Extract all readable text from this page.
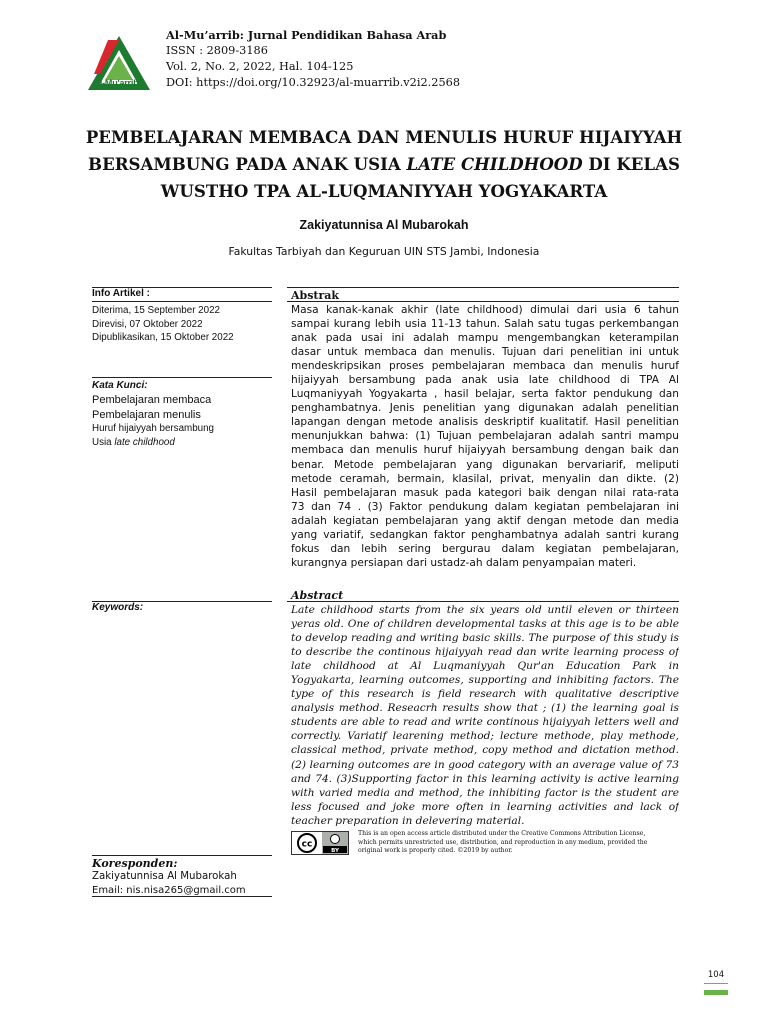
Al-Mu'arrib
Al-Mu’arrib: Jurnal Pendidikan Bahasa Arab
ISSN : 2809-3186
Vol. 2, No. 2, 2022, Hal. 104-125
DOI: https://doi.org/10.32923/al-muarrib.v2i2.2568
PEMBELAJARAN MEMBACA DAN MENULIS HURUF HIJAIYYAH
BERSAMBUNG PADA ANAK USIA LATE CHILDHOOD DI KELAS
WUSTHO TPA AL-LUQMANIYYAH YOGYAKARTA
Zakiyatunnisa Al Mubarokah
Fakultas Tarbiyah dan Keguruan UIN STS Jambi, Indonesia
Info Artikel :
Diterima, 15 September 2022
Direvisi, 07 Oktober 2022
Dipublikasikan, 15 Oktober 2022
Kata Kunci:
Pembelajaran membaca
Pembelajaran menulis
Huruf hijaiyyah bersambung
Usia late childhood
Keywords:
Abstrak
Masa kanak-kanak akhir (late childhood) dimulai dari usia 6 tahun
sampai kurang lebih usia 11-13 tahun. Salah satu tugas perkembangan
anak pada usai ini adalah mampu mengembangkan keterampilan
dasar untuk membaca dan menulis. Tujuan dari penelitian ini untuk
mendeskripsikan proses pembelajaran membaca dan menulis huruf
hijaiyyah bersambung pada anak usia late childhood di TPA Al
Luqmaniyyah Yogyakarta , hasil belajar, serta faktor pendukung dan
penghambatnya. Jenis penelitian yang digunakan adalah penelitian
lapangan dengan metode analisis deskriptif kualitatif. Hasil penelitian
menunjukkan bahwa: (1) Tujuan pembelajaran adalah santri mampu
membaca dan menulis huruf hijaiyyah bersambung dengan baik dan
benar. Metode pembelajaran yang digunakan bervariarif, meliputi
metode ceramah, bermain, klasilal, privat, menyalin dan dikte. (2)
Hasil pembelajaran masuk pada kategori baik dengan nilai rata-rata
73 dan 74 . (3) Faktor pendukung dalam kegiatan pembelajaran ini
adalah kegiatan pembelajaran yang aktif dengan metode dan media
yang variatif, sedangkan faktor penghambatnya adalah santri kurang
fokus dan lebih sering bergurau dalam kegiatan pembelajaran,
kurangnya persiapan dari ustadz-ah dalam penyampaian materi.
Abstract
Late childhood starts from the six years old until eleven or thirteen
yeras old. One of children developmental tasks at this age is to be able
to develop reading and writing basic skills. The purpose of this study is
to describe the continous hijaiyyah read dan write learning process of
late childhood at Al Luqmaniyyah Qur'an Education Park in
Yogyakarta, learning outcomes, supporting and inhibiting factors. The
type of this research is field research with qualitative descriptive
analysis method. Reseacrh results show that ; (1) the learning goal is
students are able to read and write continous hijaiyyah letters well and
correctly. Variatif learening method; lecture methode, play methode,
classical method, private method, copy method and dictation method.
(2) learning outcomes are in good category with an average value of 73
and 74. (3)Supporting factor in this learning activity is active learning
with varied media and method, the inhibiting factor is the student are
less focused and joke more often in learning activities and lack of
teacher preparation in delevering material.
cc
BY
This is an open access article distributed under the Creative Commons Attribution License,
which permits unrestricted use, distribution, and reproduction in any medium, provided the
original work is properly cited. ©2019 by author.
Koresponden:
Zakiyatunnisa Al Mubarokah
Email: nis.nisa265@gmail.com
104
